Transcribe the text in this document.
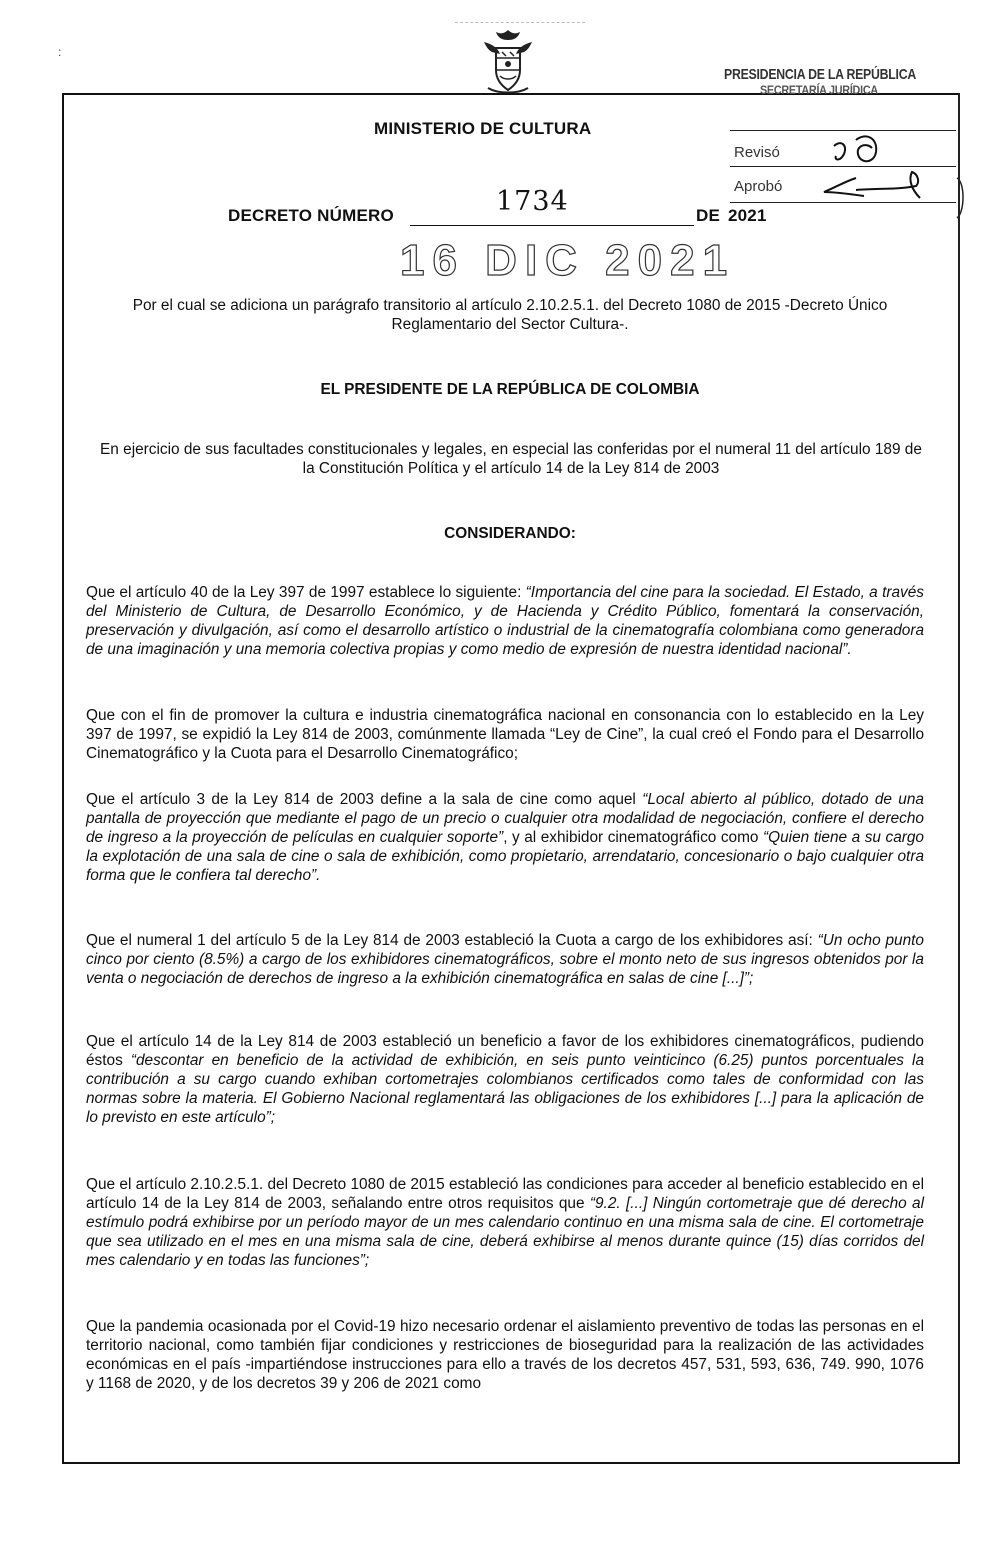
:
PRESIDENCIA DE LA REPÚBLICA
SECRETARÍA JURÍDICA
Revisó
Aprobó
MINISTERIO DE CULTURA
DECRETO NÚMERO	1734	DE 2021
16 DIC 2021
Por el cual se adiciona un parágrafo transitorio al artículo 2.10.2.5.1. del Decreto 1080 de 2015 -Decreto Único Reglamentario del Sector Cultura-.
EL PRESIDENTE DE LA REPÚBLICA DE COLOMBIA
En ejercicio de sus facultades constitucionales y legales, en especial las conferidas por el numeral 11 del artículo 189 de la Constitución Política y el artículo 14 de la Ley 814 de 2003
CONSIDERANDO:

Que el artículo 40 de la Ley 397 de 1997 establece lo siguiente: “Importancia del cine para la sociedad. El Estado, a través del Ministerio de Cultura, de Desarrollo Económico, y de Hacienda y Crédito Público, fomentará la conservación, preservación y divulgación, así como el desarrollo artístico o industrial de la cinematografía colombiana como generadora de una imaginación y una memoria colectiva propias y como medio de expresión de nuestra identidad nacional”.

Que con el fin de promover la cultura e industria cinematográfica nacional en consonancia con lo establecido en la Ley 397 de 1997, se expidió la Ley 814 de 2003, comúnmente llamada “Ley de Cine”, la cual creó el Fondo para el Desarrollo Cinematográfico y la Cuota para el Desarrollo Cinematográfico;

Que el artículo 3 de la Ley 814 de 2003 define a la sala de cine como aquel “Local abierto al público, dotado de una pantalla de proyección que mediante el pago de un precio o cualquier otra modalidad de negociación, confiere el derecho de ingreso a la proyección de películas en cualquier soporte”, y al exhibidor cinematográfico como “Quien tiene a su cargo la explotación de una sala de cine o sala de exhibición, como propietario, arrendatario, concesionario o bajo cualquier otra forma que le confiera tal derecho”.

Que el numeral 1 del artículo 5 de la Ley 814 de 2003 estableció la Cuota a cargo de los exhibidores así: “Un ocho punto cinco por ciento (8.5%) a cargo de los exhibidores cinematográficos, sobre el monto neto de sus ingresos obtenidos por la venta o negociación de derechos de ingreso a la exhibición cinematográfica en salas de cine [...]”;

Que el artículo 14 de la Ley 814 de 2003 estableció un beneficio a favor de los exhibidores cinematográficos, pudiendo éstos “descontar en beneficio de la actividad de exhibición, en seis punto veinticinco (6.25) puntos porcentuales la contribución a su cargo cuando exhiban cortometrajes colombianos certificados como tales de conformidad con las normas sobre la materia. El Gobierno Nacional reglamentará las obligaciones de los exhibidores [...] para la aplicación de lo previsto en este artículo”;

Que el artículo 2.10.2.5.1. del Decreto 1080 de 2015 estableció las condiciones para acceder al beneficio establecido en el artículo 14 de la Ley 814 de 2003, señalando entre otros requisitos que “9.2. [...] Ningún cortometraje que dé derecho al estímulo podrá exhibirse por un período mayor de un mes calendario continuo en una misma sala de cine. El cortometraje que sea utilizado en el mes en una misma sala de cine, deberá exhibirse al menos durante quince (15) días corridos del mes calendario y en todas las funciones”;

Que la pandemia ocasionada por el Covid-19 hizo necesario ordenar el aislamiento preventivo de todas las personas en el territorio nacional, como también fijar condiciones y restricciones de bioseguridad para la realización de las actividades económicas en el país -impartiéndose instrucciones para ello a través de los decretos 457, 531, 593, 636, 749. 990, 1076 y 1168 de 2020, y de los decretos 39 y 206 de 2021 como
